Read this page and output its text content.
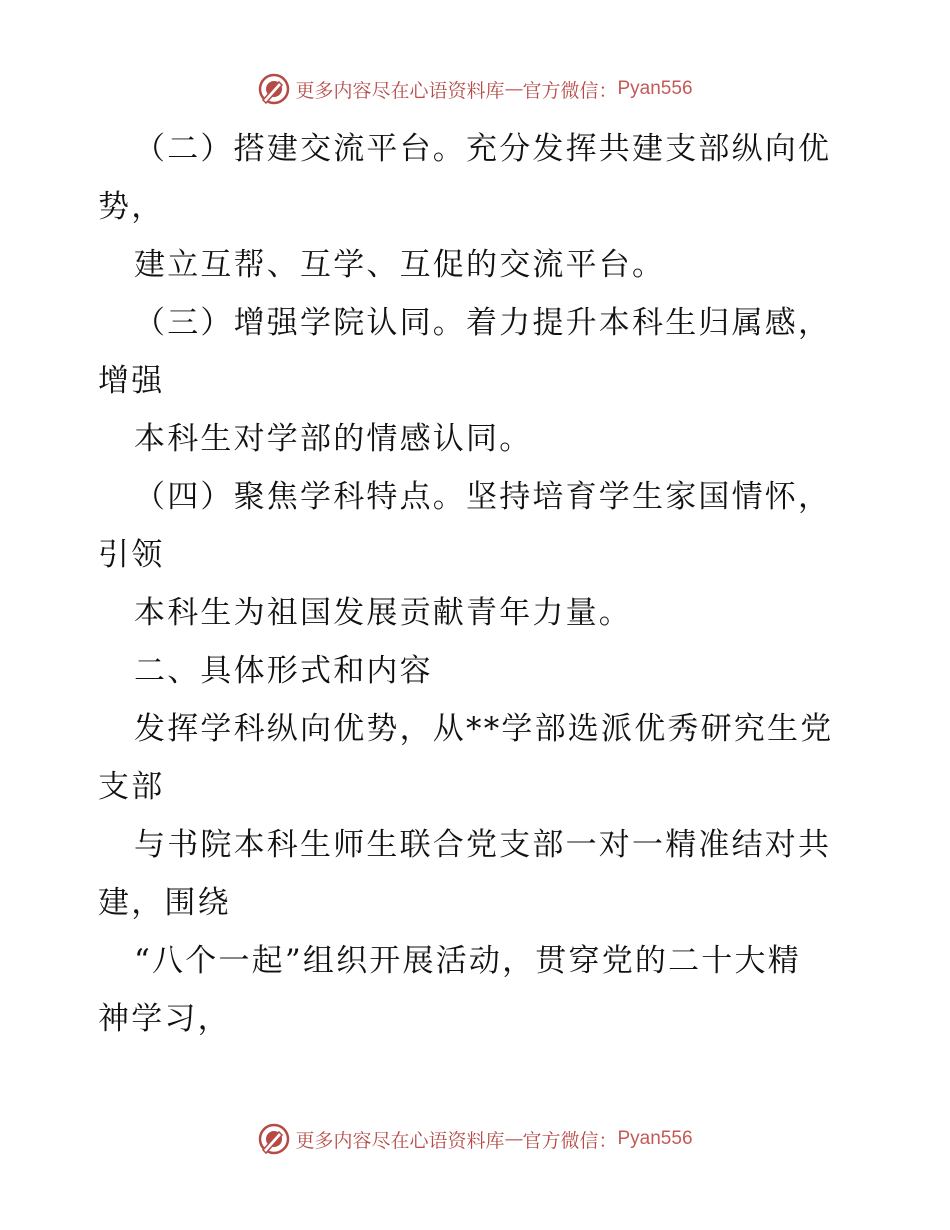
更多内容尽在心语资料库 — 官方微信： Pyan556
（二）搭建交流平台。充分发挥共建支部纵向优
势，
建立互帮、互学、互促的交流平台。
（三）增强学院认同。着力提升本科生归属感，
增强
本科生对学部的情感认同。
（四）聚焦学科特点。坚持培育学生家国情怀，
引领
本科生为祖国发展贡献青年力量。
二、具体形式和内容
发挥学科纵向优势，从**学部选派优秀研究生党
支部
与书院本科生师生联合党支部一对一精准结对共
建，围绕
“八个一起”组织开展活动，贯穿党的二十大精
神学习，
更多内容尽在心语资料库 — 官方微信： Pyan556
